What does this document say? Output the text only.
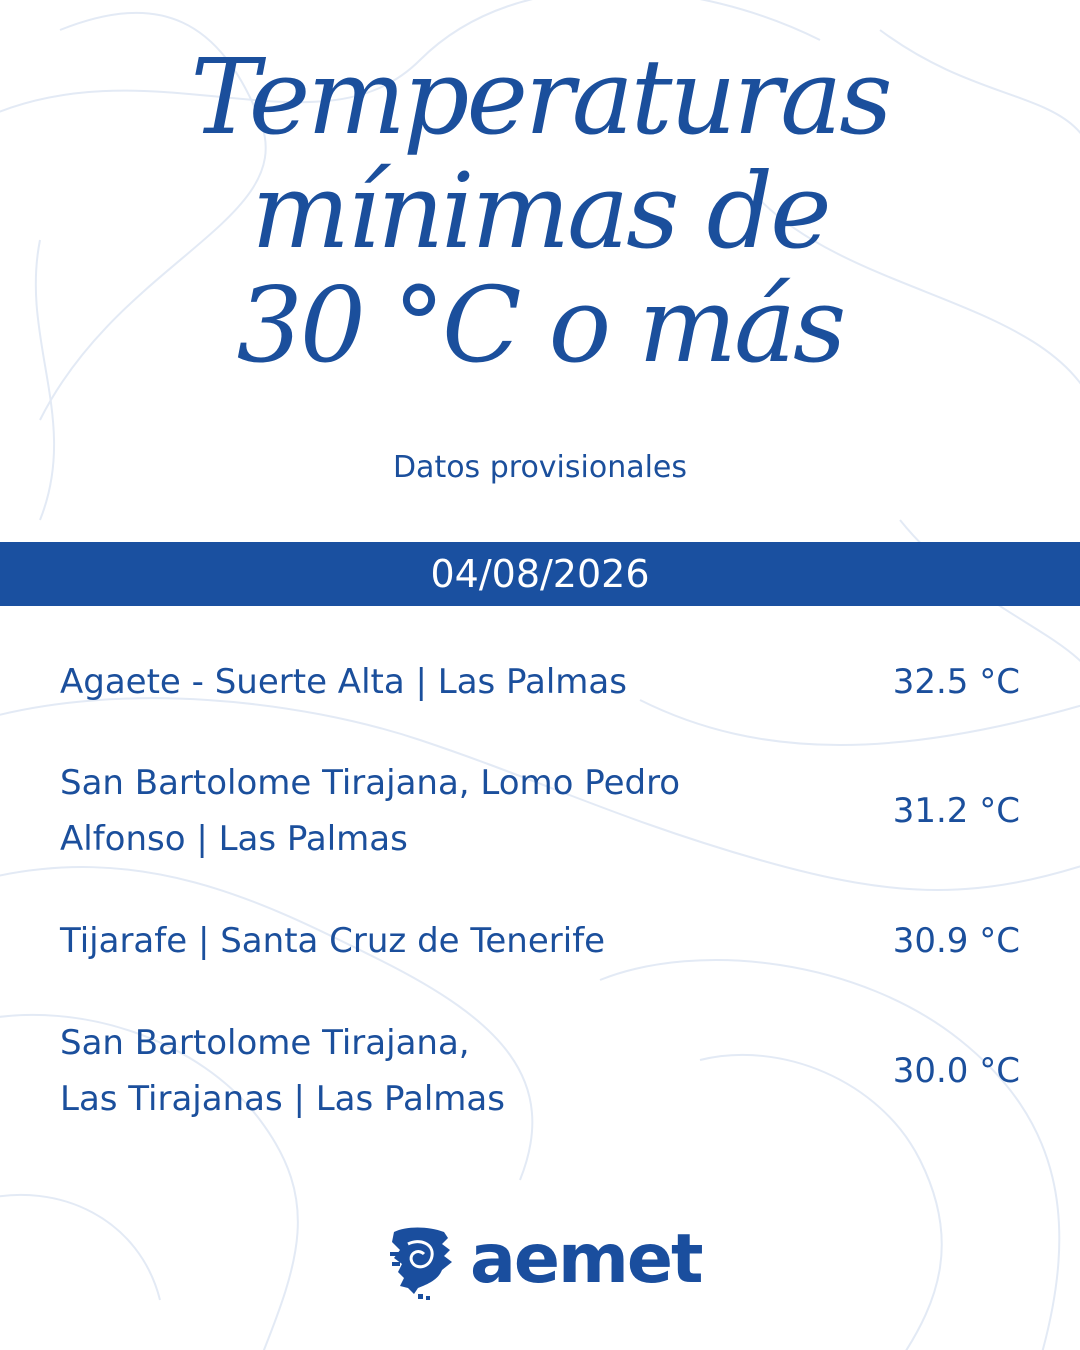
Temperaturas
mínimas de
30 °C o más
Datos provisionales
04/08/2026
Agaete - Suerte Alta | Las Palmas	32.5 °C
San Bartolome Tirajana, Lomo Pedro
Alfonso | Las Palmas
31.2 °C
Tijarafe | Santa Cruz de Tenerife	30.9 °C
San Bartolome Tirajana,
Las Tirajanas | Las Palmas
30.0 °C
aemet
